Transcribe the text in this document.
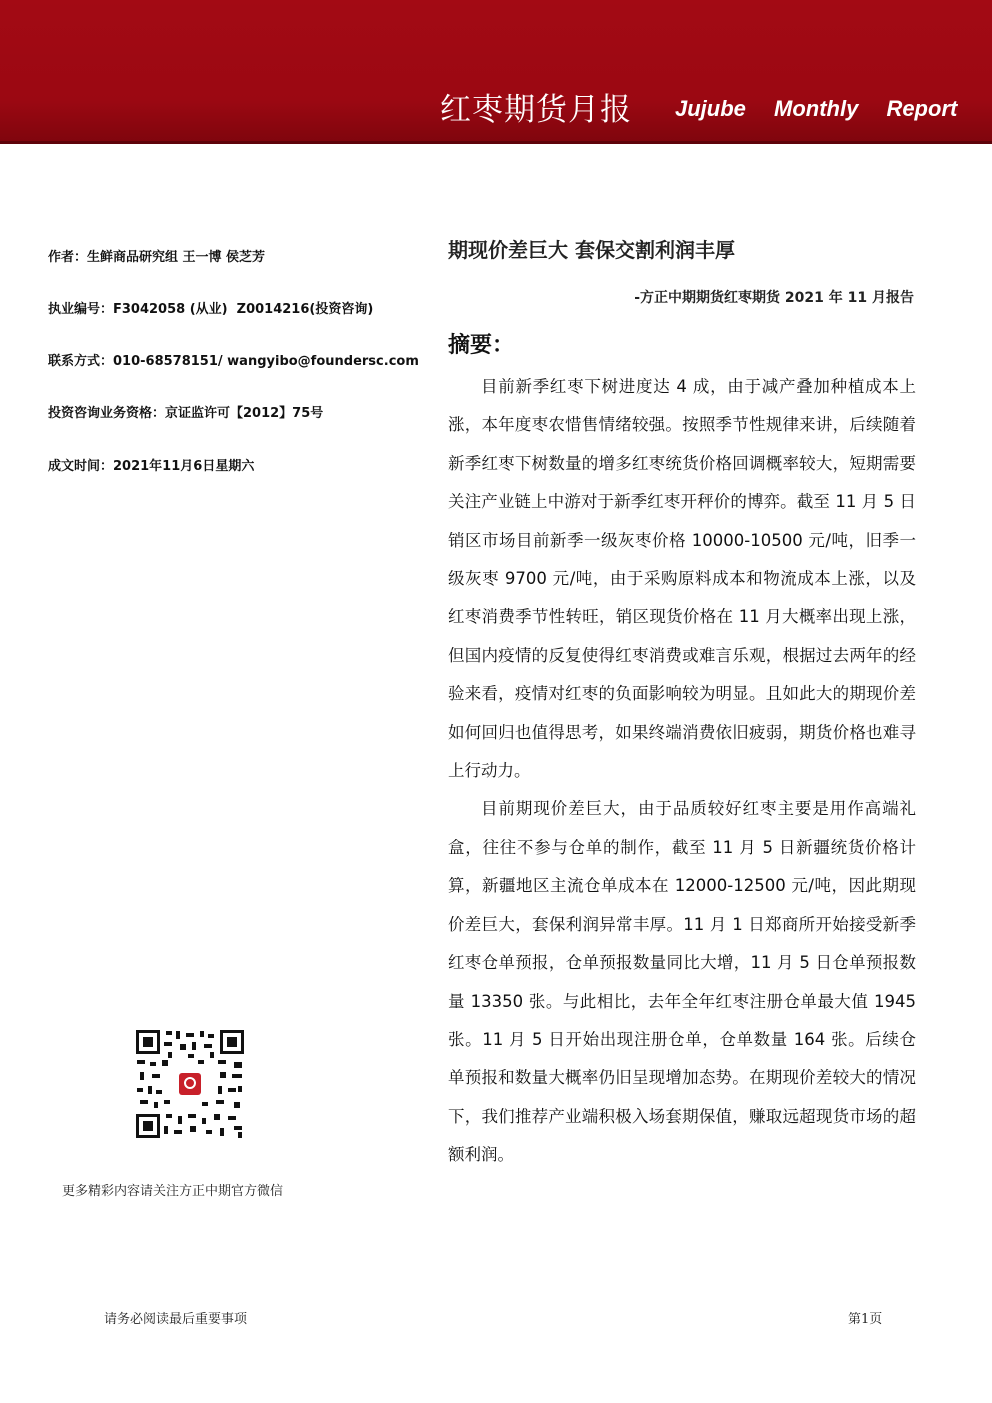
红枣期货月报 Jujube Monthly Report
作者：生鲜商品研究组 王一博 侯芝芳
执业编号：F3042058 (从业)  Z0014216(投资咨询)
联系方式：010-68578151/ wangyibo@foundersc.com
投资咨询业务资格：京证监许可【2012】75号
成文时间：2021年11月6日星期六
期现价差巨大 套保交割利润丰厚
-方正中期期货红枣期货 2021 年 11 月报告
摘要：

目前新季红枣下树进度达 4 成，由于减产叠加种植成本上涨，本年度枣农惜售情绪较强。按照季节性规律来讲，后续随着新季红枣下树数量的增多红枣统货价格回调概率较大，短期需要关注产业链上中游对于新季红枣开秤价的博弈。截至 11 月 5 日销区市场目前新季一级灰枣价格 10000-10500 元/吨，旧季一级灰枣 9700 元/吨，由于采购原料成本和物流成本上涨，以及红枣消费季节性转旺，销区现货价格在 11 月大概率出现上涨，但国内疫情的反复使得红枣消费或难言乐观，根据过去两年的经验来看，疫情对红枣的负面影响较为明显。且如此大的期现价差如何回归也值得思考，如果终端消费依旧疲弱，期货价格也难寻上行动力。

目前期现价差巨大，由于品质较好红枣主要是用作高端礼盒，往往不参与仓单的制作，截至 11 月 5 日新疆统货价格计算，新疆地区主流仓单成本在 12000-12500 元/吨，因此期现价差巨大，套保利润异常丰厚。11 月 1 日郑商所开始接受新季红枣仓单预报，仓单预报数量同比大增，11 月 5 日仓单预报数量 13350 张。与此相比，去年全年红枣注册仓单最大值 1945 张。11 月 5 日开始出现注册仓单，仓单数量 164 张。后续仓单预报和数量大概率仍旧呈现增加态势。在期现价差较大的情况下，我们推荐产业端积极入场套期保值，赚取远超现货市场的超额利润。

更多精彩内容请关注方正中期官方微信
请务必阅读最后重要事项	第1页
